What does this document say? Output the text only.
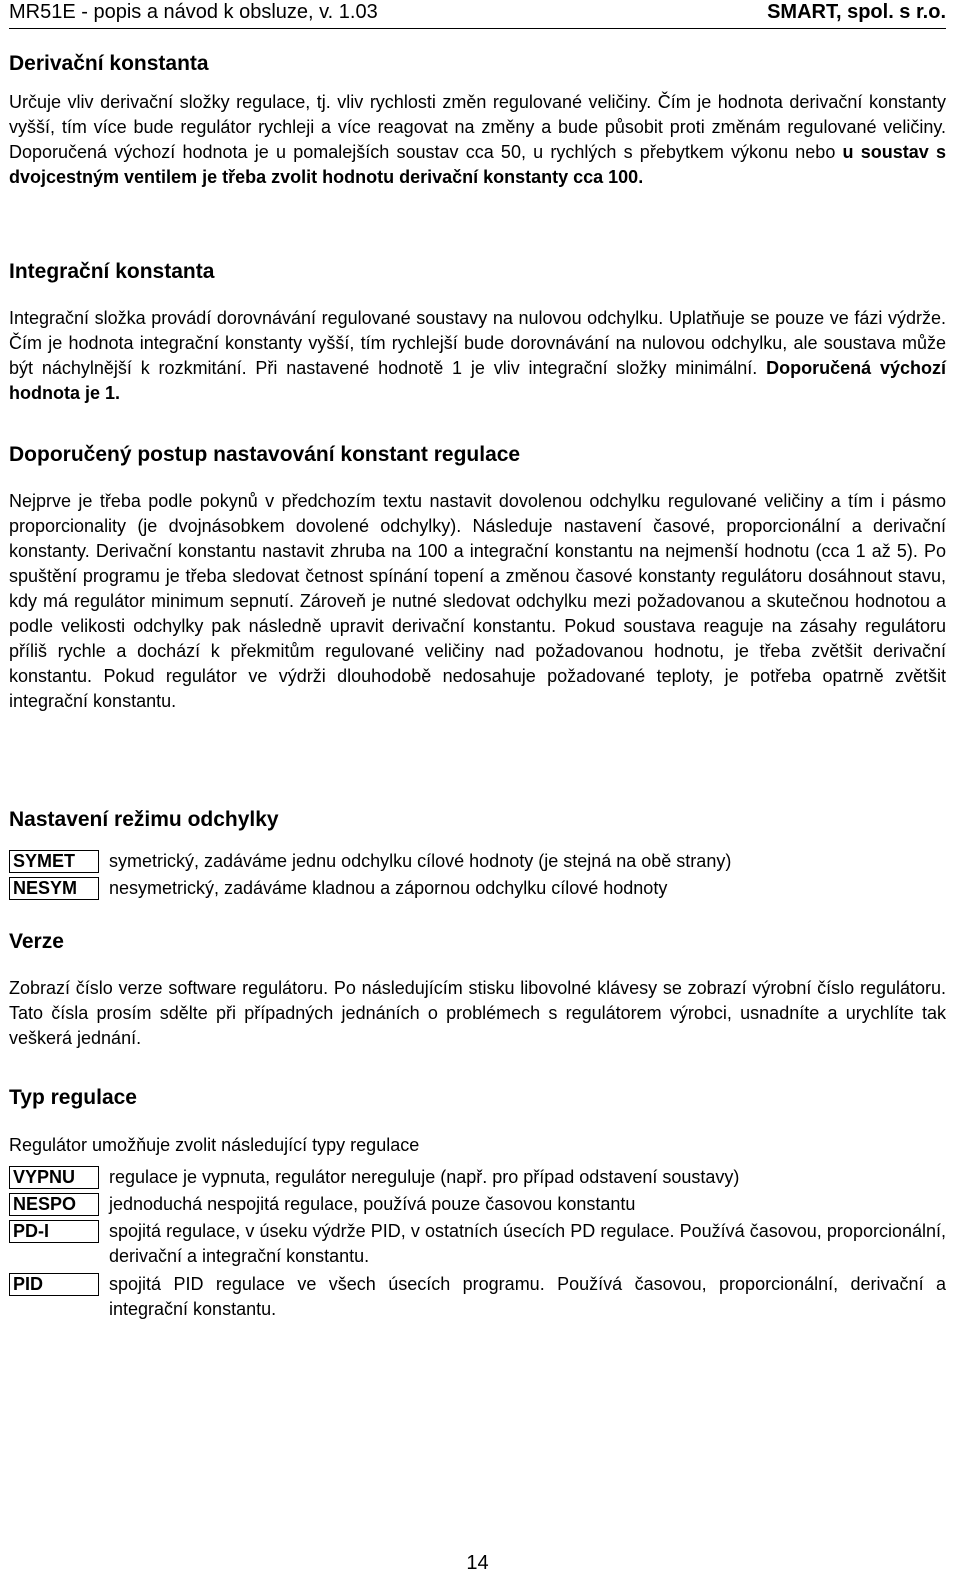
MR51E - popis a návod k obsluze, v. 1.03	SMART, spol. s r.o.
Derivační konstanta

Určuje vliv derivační složky regulace, tj. vliv rychlosti změn regulované veličiny. Čím je hodnota derivační konstanty vyšší, tím více bude regulátor rychleji a více reagovat na změny a bude působit proti změnám regulované veličiny. Doporučená výchozí hodnota je u pomalejších soustav cca 50, u rychlých s přebytkem výkonu nebo u soustav s dvojcestným ventilem je třeba zvolit hodnotu derivační konstanty cca 100.

Integrační konstanta

Integrační složka provádí dorovnávání regulované soustavy na nulovou odchylku. Uplatňuje se pouze ve fázi výdrže. Čím je hodnota integrační konstanty vyšší, tím rychlejší bude dorovnávání na nulovou odchylku, ale soustava může být náchylnější k rozkmitání. Při nastavené hodnotě 1 je vliv integrační složky minimální. Doporučená výchozí hodnota je 1.

Doporučený postup nastavování konstant regulace

Nejprve je třeba podle pokynů v předchozím textu nastavit dovolenou odchylku regulované veličiny a tím i pásmo proporcionality (je dvojnásobkem dovolené odchylky). Následuje nastavení časové, proporcionální a derivační konstanty. Derivační konstantu nastavit zhruba na 100 a integrační konstantu na nejmenší hodnotu (cca 1 až 5). Po spuštění programu je třeba sledovat četnost spínání topení a změnou časové konstanty regulátoru dosáhnout stavu, kdy má regulátor minimum sepnutí. Zároveň je nutné sledovat odchylku mezi požadovanou a skutečnou hodnotou a podle velikosti odchylky pak následně upravit derivační konstantu. Pokud soustava reaguje na zásahy regulátoru příliš rychle a dochází k překmitům regulované veličiny nad požadovanou hodnotu, je třeba zvětšit derivační konstantu. Pokud regulátor ve výdrži dlouhodobě nedosahuje požadované teploty, je potřeba opatrně zvětšit integrační konstantu.

Nastavení režimu odchylky
SYMET	symetrický, zadáváme jednu odchylku cílové hodnoty (je stejná na obě strany)

NESYM	nesymetrický, zadáváme kladnou a zápornou odchylku cílové hodnoty

Verze

Zobrazí číslo verze software regulátoru. Po následujícím stisku libovolné klávesy se zobrazí výrobní číslo regulátoru. Tato čísla prosím sdělte při případných jednáních o problémech s regulátorem výrobci, usnadníte a urychlíte tak veškerá jednání.

Typ regulace

Regulátor umožňuje zvolit následující typy regulace

VYPNU	regulace je vypnuta, regulátor nereguluje (např. pro případ odstavení soustavy)

NESPO	jednoduchá nespojitá regulace, používá pouze časovou konstantu

PD-I	spojitá regulace, v úseku výdrže PID, v ostatních úsecích PD regulace. Používá časovou, proporcionální, derivační a integrační konstantu.

PID	spojitá PID regulace ve všech úsecích programu. Používá časovou, proporcionální, derivační a integrační konstantu.

14
